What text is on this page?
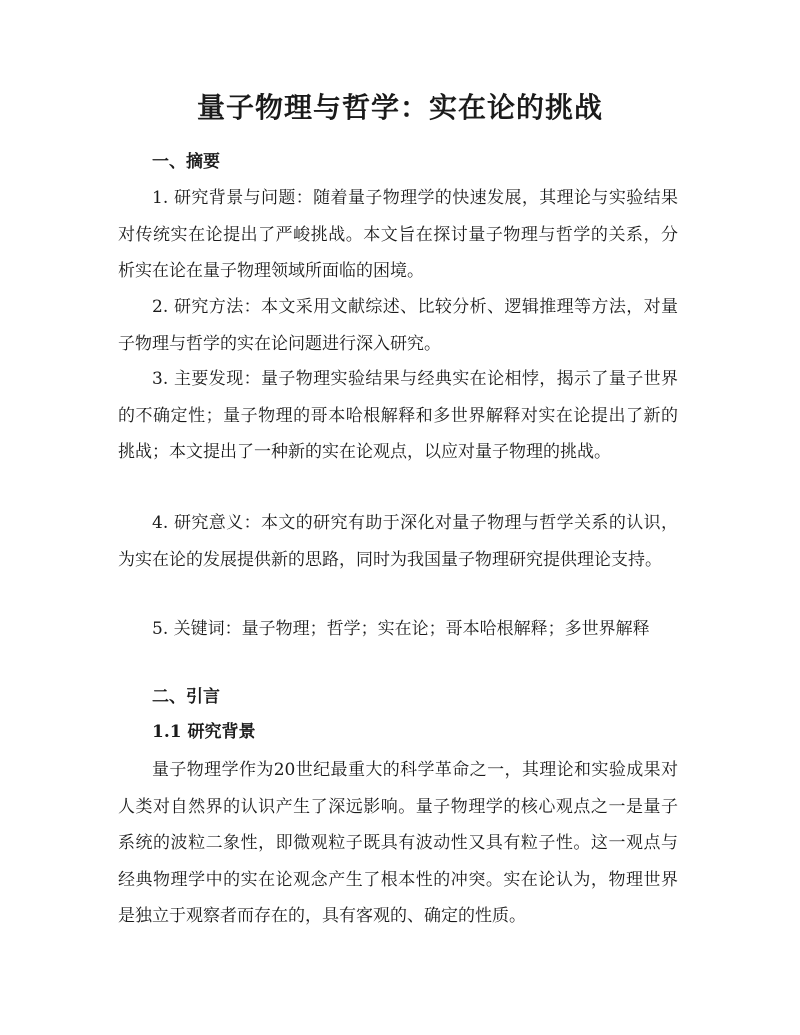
量子物理与哲学：实在论的挑战
一、摘要

1. 研究背景与问题：随着量子物理学的快速发展，其理论与实验结果对传统实在论提出了严峻挑战。本文旨在探讨量子物理与哲学的关系，分析实在论在量子物理领域所面临的困境。

2. 研究方法：本文采用文献综述、比较分析、逻辑推理等方法，对量子物理与哲学的实在论问题进行深入研究。

3. 主要发现：量子物理实验结果与经典实在论相悖，揭示了量子世界的不确定性；量子物理的哥本哈根解释和多世界解释对实在论提出了新的挑战；本文提出了一种新的实在论观点，以应对量子物理的挑战。

4. 研究意义：本文的研究有助于深化对量子物理与哲学关系的认识，为实在论的发展提供新的思路，同时为我国量子物理研究提供理论支持。

5. 关键词：量子物理；哲学；实在论；哥本哈根解释；多世界解释

二、引言
1.1 研究背景

量子物理学作为20世纪最重大的科学革命之一，其理论和实验成果对人类对自然界的认识产生了深远影响。量子物理学的核心观点之一是量子系统的波粒二象性，即微观粒子既具有波动性又具有粒子性。这一观点与经典物理学中的实在论观念产生了根本性的冲突。实在论认为，物理世界是独立于观察者而存在的，具有客观的、确定的性质。
